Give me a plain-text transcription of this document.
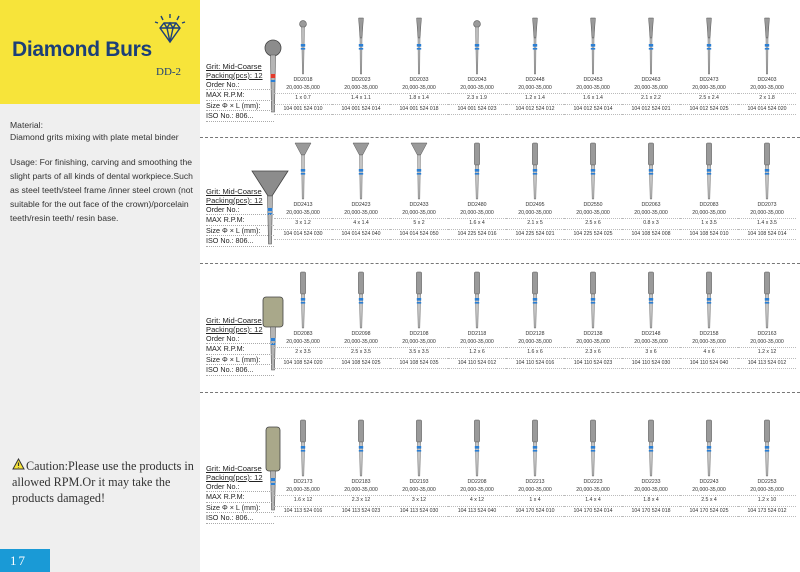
Diamond Burs
DD-2
Material:
Diamond grits mixing with plate metal binder
Usage: For finishing, carving and smoothing the slight parts of all kinds of dental workpiece.Such as steel teeth/steel frame /inner steel crown (not suitable for the out face of the crown)/porcelain teeth/resin teeth/ resin base.
Caution:Please use the products in allowed RPM.Or it may take the products damaged!
17
Grit: Mid-Coarse
Packing(pcs): 12
Order No.:
MAX R.P.M:
Size Φ × L (mm):
ISO No.: 806...
DD2018
20,000-35,000
1 x 0.7
104 001 524 010
DD2023
20,000-35,000
1.4 x 1.1
104 001 524 014
DD2033
20,000-35,000
1.8 x 1.4
104 001 524 018
DD2043
20,000-35,000
2.3 x 1.9
104 001 524 023
DD2448
20,000-35,000
1.2 x 1.4
104 012 524 012
DD2453
20,000-35,000
1.6 x 1.4
104 012 524 014
DD2463
20,000-35,000
2.1 x 2.2
104 012 524 021
DD2473
20,000-35,000
2.5 x 2.4
104 012 524 025
DD2403
20,000-35,000
2 x 1.8
104 014 524 020
Grit: Mid-Coarse
Packing(pcs): 12
Order No.:
MAX R.P.M:
Size Φ × L (mm):
ISO No.: 806...
DD2413
20,000-35,000
3 x 1.2
104 014 524 030
DD2423
20,000-35,000
4 x 1.4
104 014 524 040
DD2433
20,000-35,000
5 x 2
104 014 524 050
DD2480
20,000-35,000
1.6 x 4
104 225 524 016
DD2495
20,000-35,000
2.1 x 5
104 225 524 021
DD2550
20,000-35,000
2.5 x 6
104 225 524 025
DD2063
20,000-35,000
0.8 x 3
104 108 524 008
DD2083
20,000-35,000
1 x 3.5
104 108 524 010
DD2073
20,000-35,000
1.4 x 3.5
104 108 524 014
Grit: Mid-Coarse
Packing(pcs): 12
Order No.:
MAX R.P.M:
Size Φ × L (mm):
ISO No.: 806...
DD2083
20,000-35,000
2 x 3.5
104 108 524 020
DD2098
20,000-35,000
2.5 x 3.5
104 108 524 025
DD2108
20,000-35,000
3.5 x 3.5
104 108 524 035
DD2118
20,000-35,000
1.2 x 6
104 110 524 012
DD2128
20,000-35,000
1.6 x 6
104 110 524 016
DD2138
20,000-35,000
2.3 x 6
104 110 524 023
DD2148
20,000-35,000
3 x 6
104 110 524 030
DD2158
20,000-35,000
4 x 6
104 110 524 040
DD2163
20,000-35,000
1.2 x 12
104 113 524 012
Grit: Mid-Coarse
Packing(pcs): 12
Order No.:
MAX R.P.M:
Size Φ × L (mm):
ISO No.: 806...
DD2173
20,000-35,000
1.6 x 12
104 113 524 016
DD2183
20,000-35,000
2.3 x 12
104 113 524 023
DD2193
20,000-35,000
3 x 12
104 113 524 030
DD2208
20,000-35,000
4 x 12
104 113 524 040
DD2213
20,000-35,000
1 x 4
104 170 524 010
DD2223
20,000-35,000
1.4 x 4
104 170 524 014
DD2233
20,000-35,000
1.8 x 4
104 170 524 018
DD2243
20,000-35,000
2.5 x 4
104 170 524 025
DD2253
20,000-35,000
1.2 x 10
104 173 524 012
